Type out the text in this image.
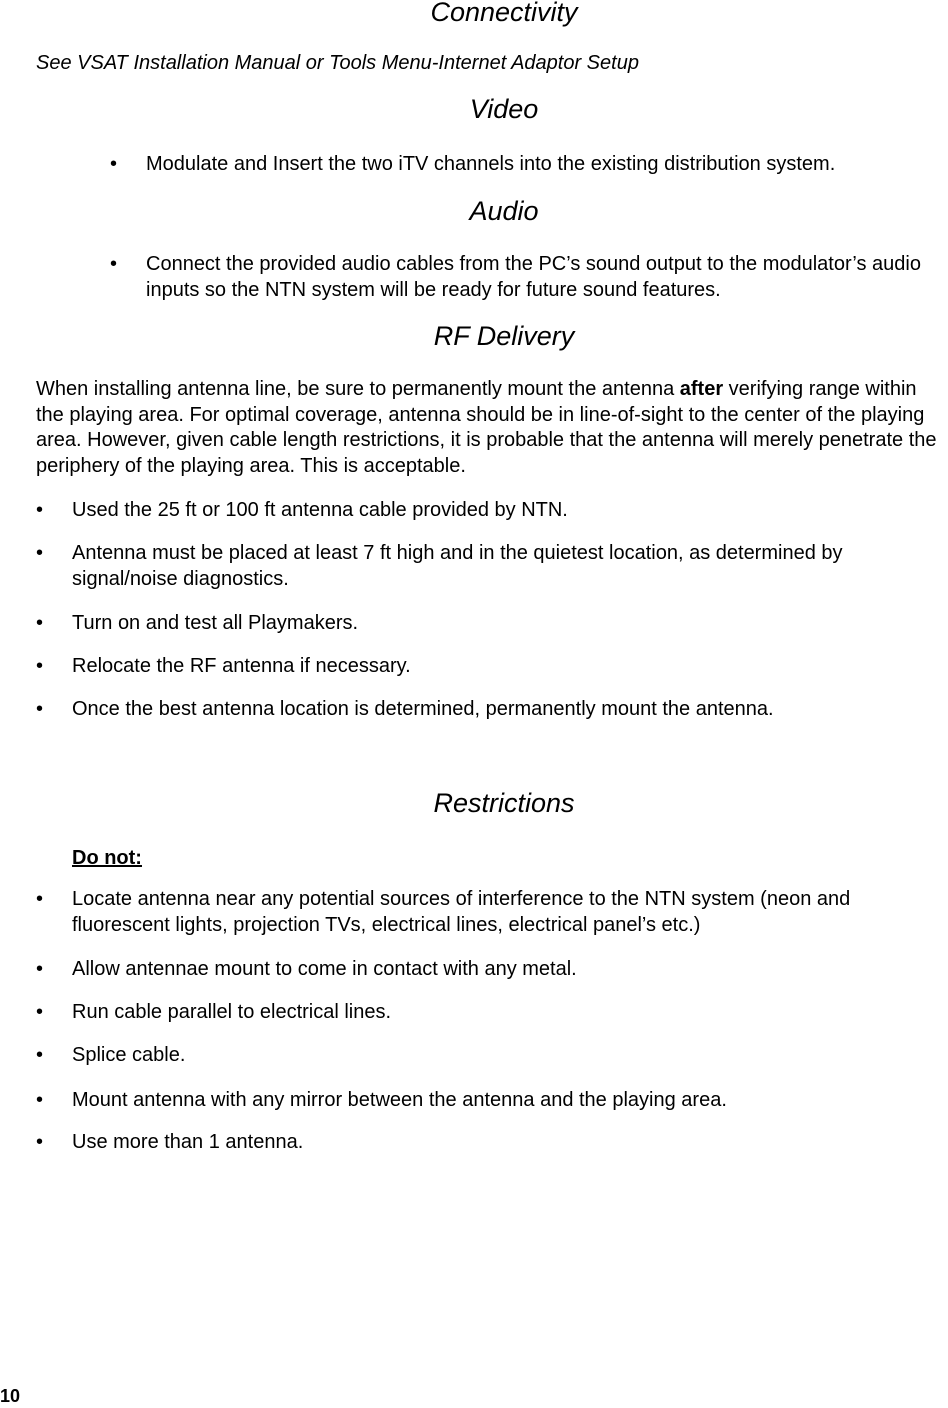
Connectivity

See VSAT Installation Manual or Tools Menu-Internet Adaptor Setup

Video
• Modulate and Insert the two iTV channels into the existing distribution system.
Audio
• Connect the provided audio cables from the PC’s sound output to the modulator’s audio inputs so the NTN system will be ready for future sound features.
RF Delivery

When installing antenna line, be sure to permanently mount the antenna after verifying range within the playing area. For optimal coverage, antenna should be in line-of-sight to the center of the playing area. However, given cable length restrictions, it is probable that the antenna will merely penetrate the periphery of the playing area. This is acceptable.

• Used the 25 ft or 100 ft antenna cable provided by NTN.
• Antenna must be placed at least 7 ft high and in the quietest location, as determined by signal/noise diagnostics.
• Turn on and test all Playmakers.
• Relocate the RF antenna if necessary.
• Once the best antenna location is determined, permanently mount the antenna.
Restrictions

Do not:

• Locate antenna near any potential sources of interference to the NTN system (neon and fluorescent lights, projection TVs, electrical lines, electrical panel’s etc.)
• Allow antennae mount to come in contact with any metal.
• Run cable parallel to electrical lines.
• Splice cable.
• Mount antenna with any mirror between the antenna and the playing area.
• Use more than 1 antenna.
10
